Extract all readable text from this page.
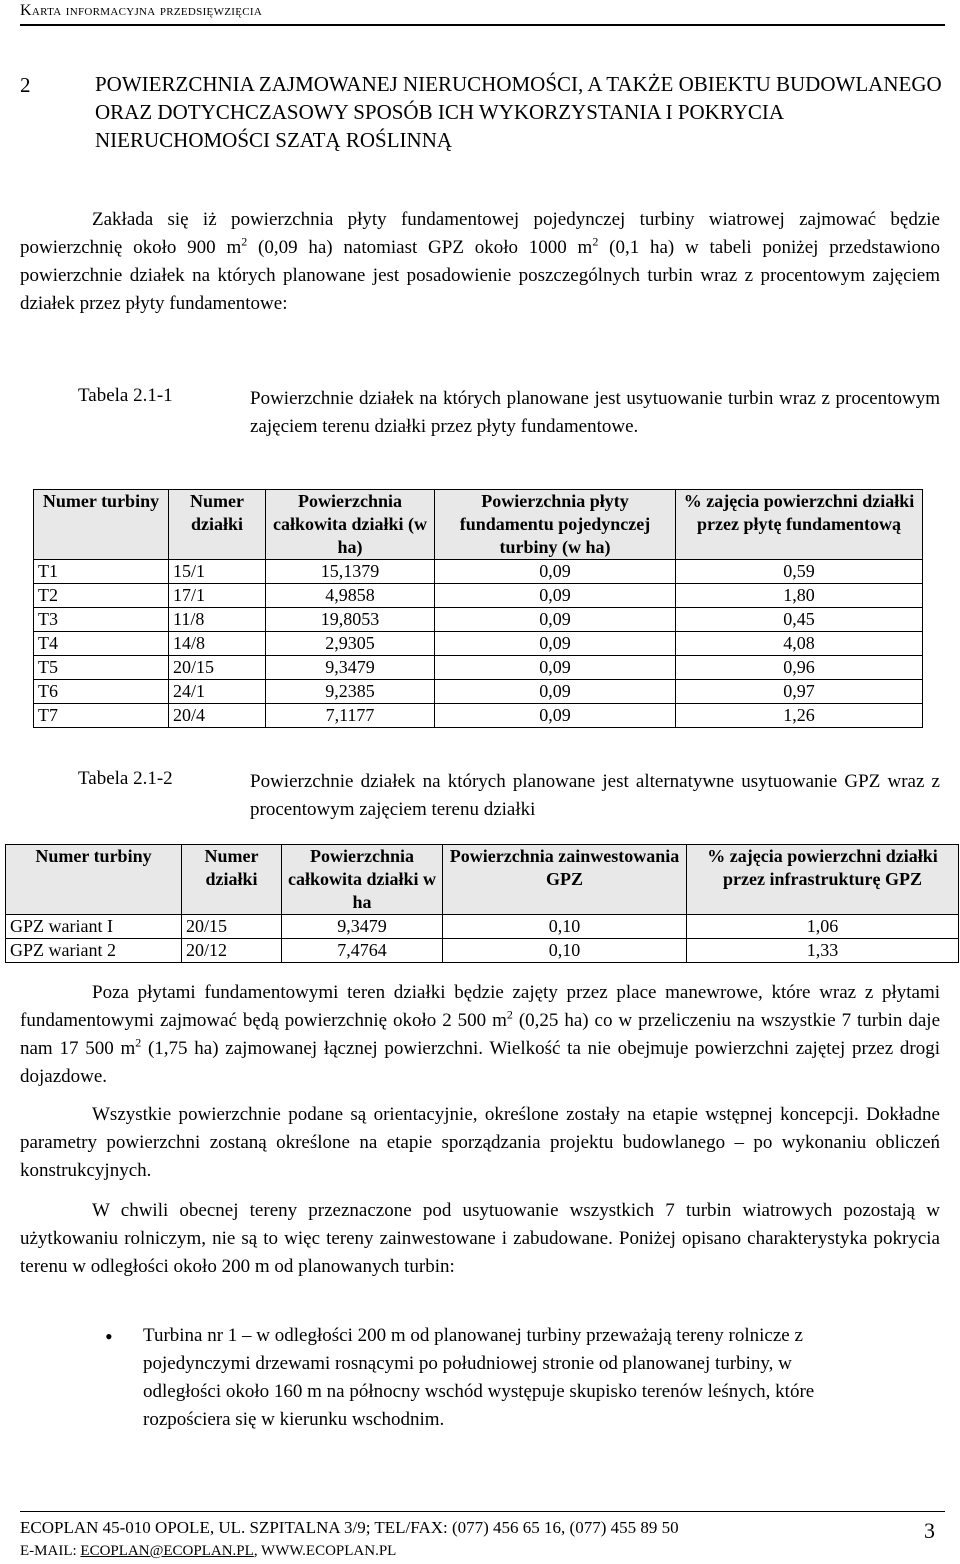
Karta informacyjna przedsięwzięcia
2	POWIERZCHNIA ZAJMOWANEJ NIERUCHOMOŚCI, A TAKŻE OBIEKTU BUDOWLANEGO ORAZ DOTYCHCZASOWY SPOSÓB ICH WYKORZYSTANIA I POKRYCIA NIERUCHOMOŚCI SZATĄ ROŚLINNĄ
Zakłada się iż powierzchnia płyty fundamentowej pojedynczej turbiny wiatrowej zajmować będzie powierzchnię około 900 $m^2$ (0,09 ha) natomiast GPZ około 1000 $m^2$ (0,1 ha) w tabeli poniżej przedstawiono powierzchnie działek na których planowane jest posadowienie poszczególnych turbin wraz z procentowym zajęciem działek przez płyty fundamentowe:
Tabela 2.1-1	Powierzchnie działek na których planowane jest usytuowanie turbin wraz z procentowym zajęciem terenu działki przez płyty fundamentowe.
Numer turbiny	Numer działki	Powierzchnia całkowita działki (w ha)	Powierzchnia płyty fundamentu pojedynczej turbiny (w ha)	% zajęcia powierzchni działki przez płytę fundamentową
T1	15/1	15,1379	0,09	0,59
T2	17/1	4,9858	0,09	1,80
T3	11/8	19,8053	0,09	0,45
T4	14/8	2,9305	0,09	4,08
T5	20/15	9,3479	0,09	0,96
T6	24/1	9,2385	0,09	0,97
T7	20/4	7,1177	0,09	1,26
Tabela 2.1-2	Powierzchnie działek na których planowane jest alternatywne usytuowanie GPZ wraz z procentowym zajęciem terenu działki
Numer turbiny	Numer działki	Powierzchnia całkowita działki w ha	Powierzchnia zainwestowania GPZ	% zajęcia powierzchni działki przez infrastrukturę GPZ
GPZ wariant I	20/15	9,3479	0,10	1,06
GPZ wariant 2	20/12	7,4764	0,10	1,33
Poza płytami fundamentowymi teren działki będzie zajęty przez place manewrowe, które wraz z płytami fundamentowymi zajmować będą powierzchnię około 2 500 $m^2$ (0,25 ha) co w przeliczeniu na wszystkie 7 turbin daje nam 17 500 $m^2$ (1,75 ha) zajmowanej łącznej powierzchni. Wielkość ta nie obejmuje powierzchni zajętej przez drogi dojazdowe.
Wszystkie powierzchnie podane są orientacyjnie, określone zostały na etapie wstępnej koncepcji. Dokładne parametry powierzchni zostaną określone na etapie sporządzania projektu budowlanego – po wykonaniu obliczeń konstrukcyjnych.
W chwili obecnej tereny przeznaczone pod usytuowanie wszystkich 7 turbin wiatrowych pozostają w użytkowaniu rolniczym, nie są to więc tereny zainwestowane i zabudowane. Poniżej opisano charakterystyka pokrycia terenu w odległości około 200 m od planowanych turbin:
• Turbina nr 1 – w odległości 200 m od planowanej turbiny przeważają tereny rolnicze z pojedynczymi drzewami rosnącymi po południowej stronie od planowanej turbiny, w odległości około 160 m na północny wschód występuje skupisko terenów leśnych, które rozpościera się w kierunku wschodnim.
ECOPLAN 45-010 OPOLE, UL. SZPITALNA 3/9; TEL/FAX: (077) 456 65 16, (077) 455 89 50
E-MAIL: ECOPLAN@ECOPLAN.PL, WWW.ECOPLAN.PL
3
